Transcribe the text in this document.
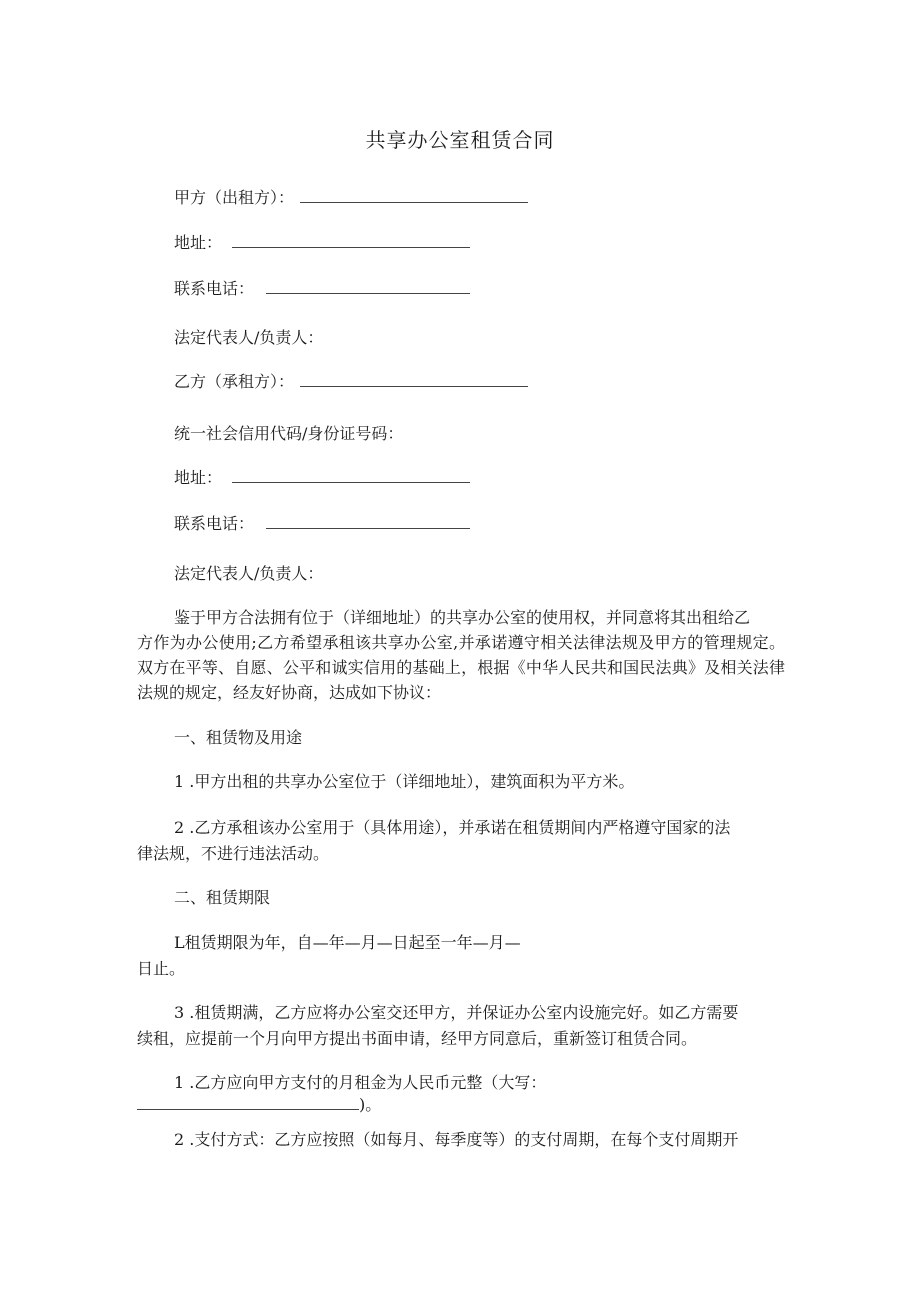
共享办公室租赁合同
甲方（出租方）：
地址：
联系电话：
法定代表人/负责人：
乙方（承租方）：
统一社会信用代码/身份证号码：
地址：
联系电话：
法定代表人/负责人：
鉴于甲方合法拥有位于（详细地址）的共享办公室的使用权，并同意将其出租给乙
方作为办公使用;乙方希望承租该共享办公室,并承诺遵守相关法律法规及甲方的管理规定。双方在平等、自愿、公平和诚实信用的基础上，根据《中华人民共和国民法典》及相关法律法规的规定，经友好协商，达成如下协议：
一、租赁物及用途
1 .甲方出租的共享办公室位于（详细地址），建筑面积为平方米。
2 .乙方承租该办公室用于（具体用途），并承诺在租赁期间内严格遵守国家的法
律法规，不进行违法活动。
二、租赁期限
L租赁期限为年，自—年—月—日起至一年—月—
日止。
3 .租赁期满，乙方应将办公室交还甲方，并保证办公室内设施完好。如乙方需要
续租，应提前一个月向甲方提出书面申请，经甲方同意后，重新签订租赁合同。
1 .乙方应向甲方支付的月租金为人民币元整（大写：
)。
2 .支付方式：乙方应按照（如每月、每季度等）的支付周期，在每个支付周期开
